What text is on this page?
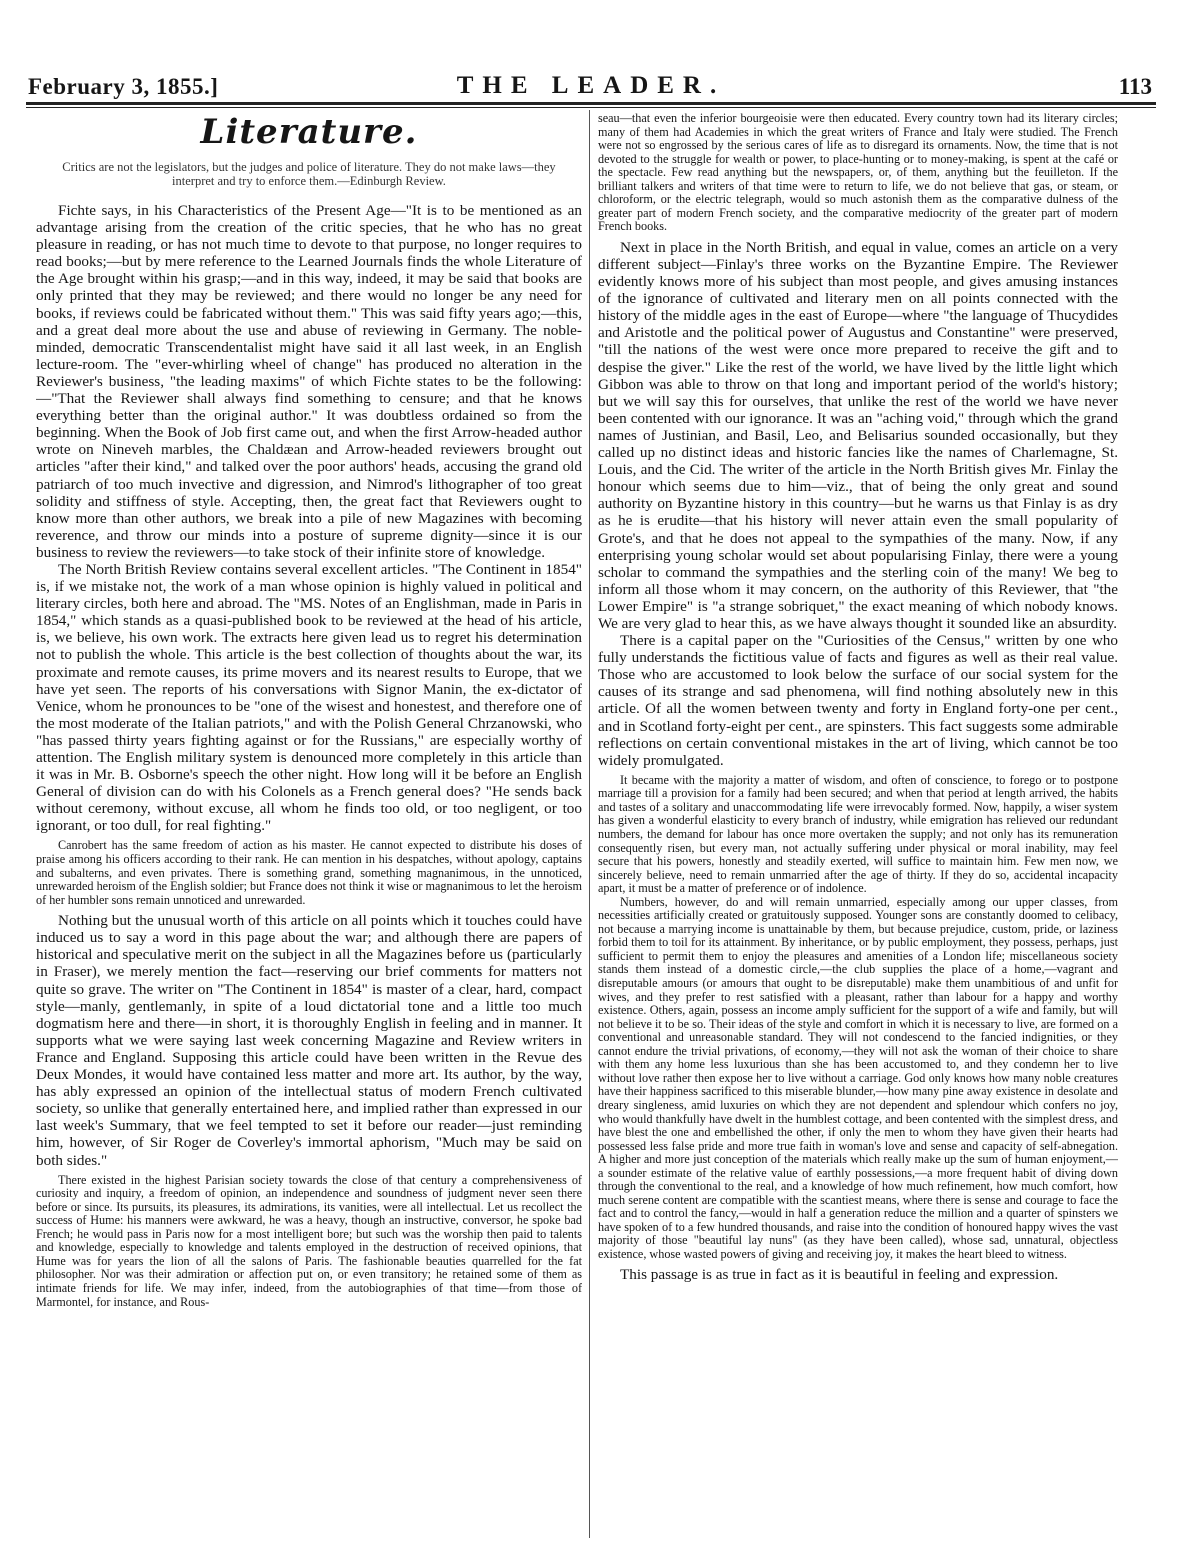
February 3, 1855.]	THE LEADER.	113
Literature.
Critics are not the legislators, but the judges and police of literature. They do not make laws—they interpret and try to enforce them.—Edinburgh Review.

Fichte says, in his Characteristics of the Present Age—"It is to be mentioned as an advantage arising from the creation of the critic species, that he who has no great pleasure in reading, or has not much time to devote to that purpose, no longer requires to read books;—but by mere reference to the Learned Journals finds the whole Literature of the Age brought within his grasp;—and in this way, indeed, it may be said that books are only printed that they may be reviewed; and there would no longer be any need for books, if reviews could be fabricated without them." This was said fifty years ago;—this, and a great deal more about the use and abuse of reviewing in Germany. The noble-minded, democratic Transcendentalist might have said it all last week, in an English lecture-room. The "ever-whirling wheel of change" has produced no alteration in the Reviewer's business, "the leading maxims" of which Fichte states to be the following:—"That the Reviewer shall always find something to censure; and that he knows everything better than the original author." It was doubtless ordained so from the beginning. When the Book of Job first came out, and when the first Arrow-headed author wrote on Nineveh marbles, the Chaldæan and Arrow-headed reviewers brought out articles "after their kind," and talked over the poor authors' heads, accusing the grand old patriarch of too much invective and digression, and Nimrod's lithographer of too great solidity and stiffness of style. Accepting, then, the great fact that Reviewers ought to know more than other authors, we break into a pile of new Magazines with becoming reverence, and throw our minds into a posture of supreme dignity—since it is our business to review the reviewers—to take stock of their infinite store of knowledge.

The North British Review contains several excellent articles. "The Continent in 1854" is, if we mistake not, the work of a man whose opinion is highly valued in political and literary circles, both here and abroad. The "MS. Notes of an Englishman, made in Paris in 1854," which stands as a quasi-published book to be reviewed at the head of his article, is, we believe, his own work. The extracts here given lead us to regret his determination not to publish the whole. This article is the best collection of thoughts about the war, its proximate and remote causes, its prime movers and its nearest results to Europe, that we have yet seen. The reports of his conversations with Signor Manin, the ex-dictator of Venice, whom he pronounces to be "one of the wisest and honestest, and therefore one of the most moderate of the Italian patriots," and with the Polish General Chrzanowski, who "has passed thirty years fighting against or for the Russians," are especially worthy of attention. The English military system is denounced more completely in this article than it was in Mr. B. Osborne's speech the other night. How long will it be before an English General of division can do with his Colonels as a French general does? "He sends back without ceremony, without excuse, all whom he finds too old, or too negligent, or too ignorant, or too dull, for real fighting."

Canrobert has the same freedom of action as his master. He cannot expected to distribute his doses of praise among his officers according to their rank. He can mention in his despatches, without apology, captains and subalterns, and even privates. There is something grand, something magnanimous, in the unnoticed, unrewarded heroism of the English soldier; but France does not think it wise or magnanimous to let the heroism of her humbler sons remain unnoticed and unrewarded.

Nothing but the unusual worth of this article on all points which it touches could have induced us to say a word in this page about the war; and although there are papers of historical and speculative merit on the subject in all the Magazines before us (particularly in Fraser), we merely mention the fact—reserving our brief comments for matters not quite so grave. The writer on "The Continent in 1854" is master of a clear, hard, compact style—manly, gentlemanly, in spite of a loud dictatorial tone and a little too much dogmatism here and there—in short, it is thoroughly English in feeling and in manner. It supports what we were saying last week concerning Magazine and Review writers in France and England. Supposing this article could have been written in the Revue des Deux Mondes, it would have contained less matter and more art. Its author, by the way, has ably expressed an opinion of the intellectual status of modern French cultivated society, so unlike that generally entertained here, and implied rather than expressed in our last week's Summary, that we feel tempted to set it before our reader—just reminding him, however, of Sir Roger de Coverley's immortal aphorism, "Much may be said on both sides."

There existed in the highest Parisian society towards the close of that century a comprehensiveness of curiosity and inquiry, a freedom of opinion, an independence and soundness of judgment never seen there before or since. Its pursuits, its pleasures, its admirations, its vanities, were all intellectual. Let us recollect the success of Hume: his manners were awkward, he was a heavy, though an instructive, conversor, he spoke bad French; he would pass in Paris now for a most intelligent bore; but such was the worship then paid to talents and knowledge, especially to knowledge and talents employed in the destruction of received opinions, that Hume was for years the lion of all the salons of Paris. The fashionable beauties quarrelled for the fat philosopher. Nor was their admiration or affection put on, or even transitory; he retained some of them as intimate friends for life. We may infer, indeed, from the autobiographies of that time—from those of Marmontel, for instance, and Rous-

seau—that even the inferior bourgeoisie were then educated. Every country town had its literary circles; many of them had Academies in which the great writers of France and Italy were studied. The French were not so engrossed by the serious cares of life as to disregard its ornaments. Now, the time that is not devoted to the struggle for wealth or power, to place-hunting or to money-making, is spent at the café or the spectacle. Few read anything but the newspapers, or, of them, anything but the feuilleton. If the brilliant talkers and writers of that time were to return to life, we do not believe that gas, or steam, or chloroform, or the electric telegraph, would so much astonish them as the comparative dulness of the greater part of modern French society, and the comparative mediocrity of the greater part of modern French books.

Next in place in the North British, and equal in value, comes an article on a very different subject—Finlay's three works on the Byzantine Empire. The Reviewer evidently knows more of his subject than most people, and gives amusing instances of the ignorance of cultivated and literary men on all points connected with the history of the middle ages in the east of Europe—where "the language of Thucydides and Aristotle and the political power of Augustus and Constantine" were preserved, "till the nations of the west were once more prepared to receive the gift and to despise the giver." Like the rest of the world, we have lived by the little light which Gibbon was able to throw on that long and important period of the world's history; but we will say this for ourselves, that unlike the rest of the world we have never been contented with our ignorance. It was an "aching void," through which the grand names of Justinian, and Basil, Leo, and Belisarius sounded occasionally, but they called up no distinct ideas and historic fancies like the names of Charlemagne, St. Louis, and the Cid. The writer of the article in the North British gives Mr. Finlay the honour which seems due to him—viz., that of being the only great and sound authority on Byzantine history in this country—but he warns us that Finlay is as dry as he is erudite—that his history will never attain even the small popularity of Grote's, and that he does not appeal to the sympathies of the many. Now, if any enterprising young scholar would set about popularising Finlay, there were a young scholar to command the sympathies and the sterling coin of the many! We beg to inform all those whom it may concern, on the authority of this Reviewer, that "the Lower Empire" is "a strange sobriquet," the exact meaning of which nobody knows. We are very glad to hear this, as we have always thought it sounded like an absurdity.

There is a capital paper on the "Curiosities of the Census," written by one who fully understands the fictitious value of facts and figures as well as their real value. Those who are accustomed to look below the surface of our social system for the causes of its strange and sad phenomena, will find nothing absolutely new in this article. Of all the women between twenty and forty in England forty-one per cent., and in Scotland forty-eight per cent., are spinsters. This fact suggests some admirable reflections on certain conventional mistakes in the art of living, which cannot be too widely promulgated.

It became with the majority a matter of wisdom, and often of conscience, to forego or to postpone marriage till a provision for a family had been secured; and when that period at length arrived, the habits and tastes of a solitary and unaccommodating life were irrevocably formed. Now, happily, a wiser system has given a wonderful elasticity to every branch of industry, while emigration has relieved our redundant numbers, the demand for labour has once more overtaken the supply; and not only has its remuneration consequently risen, but every man, not actually suffering under physical or moral inability, may feel secure that his powers, honestly and steadily exerted, will suffice to maintain him. Few men now, we sincerely believe, need to remain unmarried after the age of thirty. If they do so, accidental incapacity apart, it must be a matter of preference or of indolence.

Numbers, however, do and will remain unmarried, especially among our upper classes, from necessities artificially created or gratuitously supposed. Younger sons are constantly doomed to celibacy, not because a marrying income is unattainable by them, but because prejudice, custom, pride, or laziness forbid them to toil for its attainment. By inheritance, or by public employment, they possess, perhaps, just sufficient to permit them to enjoy the pleasures and amenities of a London life; miscellaneous society stands them instead of a domestic circle,—the club supplies the place of a home,—vagrant and disreputable amours (or amours that ought to be disreputable) make them unambitious of and unfit for wives, and they prefer to rest satisfied with a pleasant, rather than labour for a happy and worthy existence. Others, again, possess an income amply sufficient for the support of a wife and family, but will not believe it to be so. Their ideas of the style and comfort in which it is necessary to live, are formed on a conventional and unreasonable standard. They will not condescend to the fancied indignities, or they cannot endure the trivial privations, of economy,—they will not ask the woman of their choice to share with them any home less luxurious than she has been accustomed to, and they condemn her to live without love rather then expose her to live without a carriage. God only knows how many noble creatures have their happiness sacrificed to this miserable blunder,—how many pine away existence in desolate and dreary singleness, amid luxuries on which they are not dependent and splendour which confers no joy, who would thankfully have dwelt in the humblest cottage, and been contented with the simplest dress, and have blest the one and embellished the other, if only the men to whom they have given their hearts had possessed less false pride and more true faith in woman's love and sense and capacity of self-abnegation. A higher and more just conception of the materials which really make up the sum of human enjoyment,—a sounder estimate of the relative value of earthly possessions,—a more frequent habit of diving down through the conventional to the real, and a knowledge of how much refinement, how much comfort, how much serene content are compatible with the scantiest means, where there is sense and courage to face the fact and to control the fancy,—would in half a generation reduce the million and a quarter of spinsters we have spoken of to a few hundred thousands, and raise into the condition of honoured happy wives the vast majority of those "beautiful lay nuns" (as they have been called), whose sad, unnatural, objectless existence, whose wasted powers of giving and receiving joy, it makes the heart bleed to witness.

This passage is as true in fact as it is beautiful in feeling and expression.
